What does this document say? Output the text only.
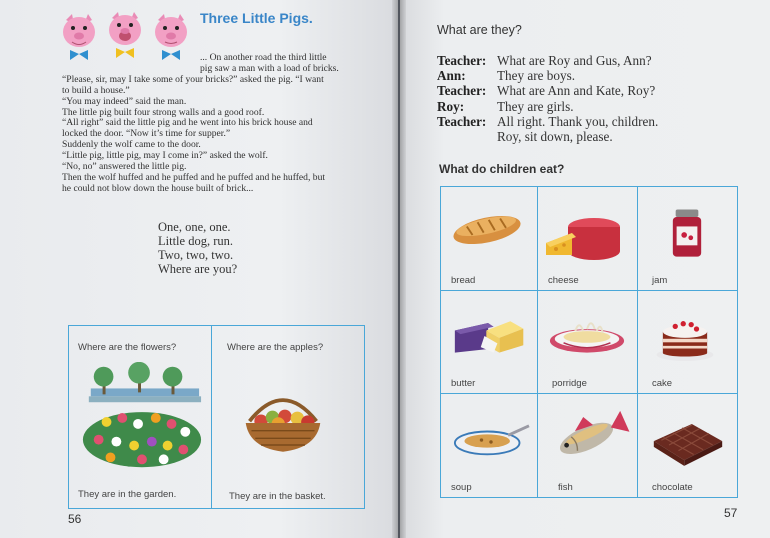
Three Little Pigs.
... On another road the third little
pig saw a man with a load of bricks.
“Please, sir, may I take some of your bricks?” asked the pig. “I want
to build a house.”
“You may indeed” said the man.
The little pig built four strong walls and a good roof.
“All right” said the little pig and he went into his brick house and
locked the door. “Now it’s time for supper.”
Suddenly the wolf came to the door.
“Little pig, little pig, may I come in?” asked the wolf.
“No, no” answered the little pig.
Then the wolf huffed and he puffed and he puffed and he huffed, but
he could not blow down the house built of brick...
One, one, one.
Little dog, run.
Two, two, two.
Where are you?
Where are the flowers?
They are in the garden.
Where are the apples?
They are in the basket.
56
What are they?
Teacher: What are Roy and Gus, Ann?
Ann:	They are boys.
Teacher: What are Ann and Kate, Roy?
Roy:	They are girls.
Teacher: All right. Thank you, children.
Roy, sit down, please.
What do children eat?
bread	cheese	jam
butter	porridge	cake
soup	fish	chocolate
57
